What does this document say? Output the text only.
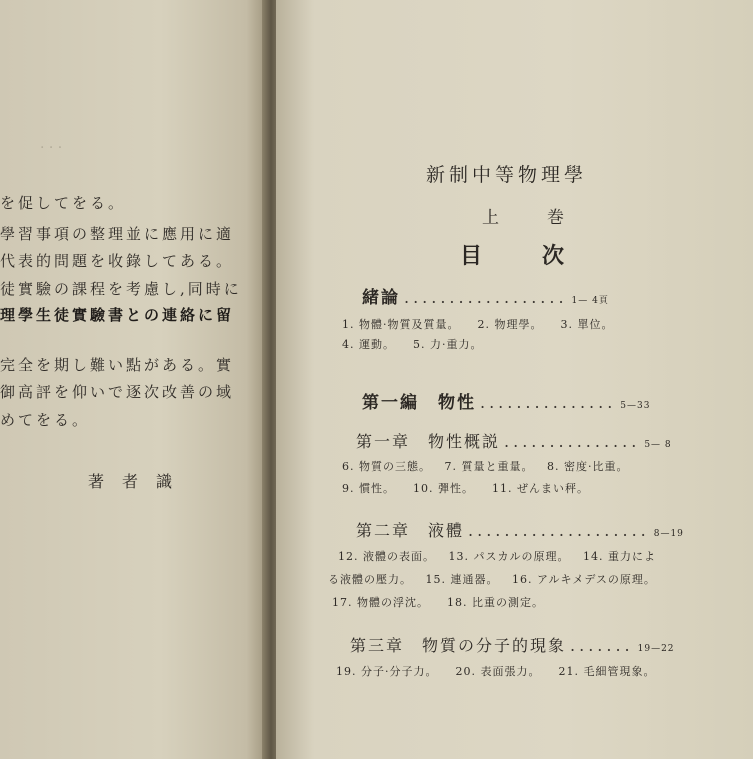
· · ·
を促してをる。
學習事項の整理並に應用に適
代表的問題を收錄してある。
徒實驗の課程を考慮し,同時に
理學生徒實驗書との連絡に留
完全を期し難い點がある。實
御高評を仰いで逐次改善の域
めてをる。
著者識
新制中等物理學
上巻
目次
緒論 .................. 1— 4頁
1. 物體·物質及質量。 2. 物理學。 3. 單位。
4. 運動。 5. 力·重力。
第一編　物性 ............... 5—33
第一章　物性概説 ............... 5— 8
6. 物質の三態。 7. 質量と重量。 8. 密度·比重。
9. 慣性。 10. 彈性。 11. ぜんまい秤。
第二章　液體 .................... 8—19
12. 液體の表面。 13. パスカルの原理。 14. 重力によ
る液體の壓力。 15. 連通器。 16. アルキメデスの原理。
17. 物體の浮沈。 18. 比重の測定。
第三章　物質の分子的現象 ....... 19—22
19. 分子·分子力。 20. 表面張力。 21. 毛細管現象。
